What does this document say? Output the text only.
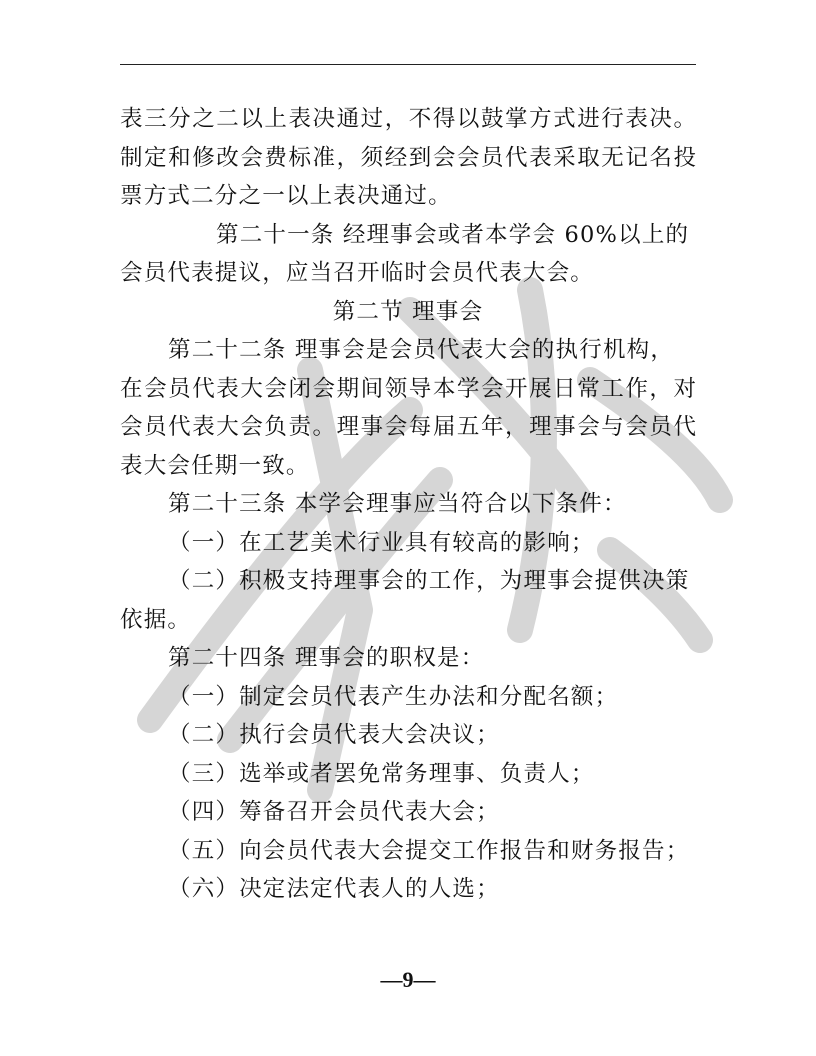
表三分之二以上表决通过，不得以鼓掌方式进行表决。
制定和修改会费标准，须经到会会员代表采取无记名投
票方式二分之一以上表决通过。
第二十一条 经理事会或者本学会 60%以上的
会员代表提议，应当召开临时会员代表大会。
第二节 理事会
第二十二条 理事会是会员代表大会的执行机构，
在会员代表大会闭会期间领导本学会开展日常工作，对
会员代表大会负责。理事会每届五年，理事会与会员代
表大会任期一致。
第二十三条 本学会理事应当符合以下条件：
（一）在工艺美术行业具有较高的影响；
（二）积极支持理事会的工作，为理事会提供决策
依据。
第二十四条 理事会的职权是：
（一）制定会员代表产生办法和分配名额；
（二）执行会员代表大会决议；
（三）选举或者罢免常务理事、负责人；
（四）筹备召开会员代表大会；
（五）向会员代表大会提交工作报告和财务报告；
（六）决定法定代表人的人选；
—9—
